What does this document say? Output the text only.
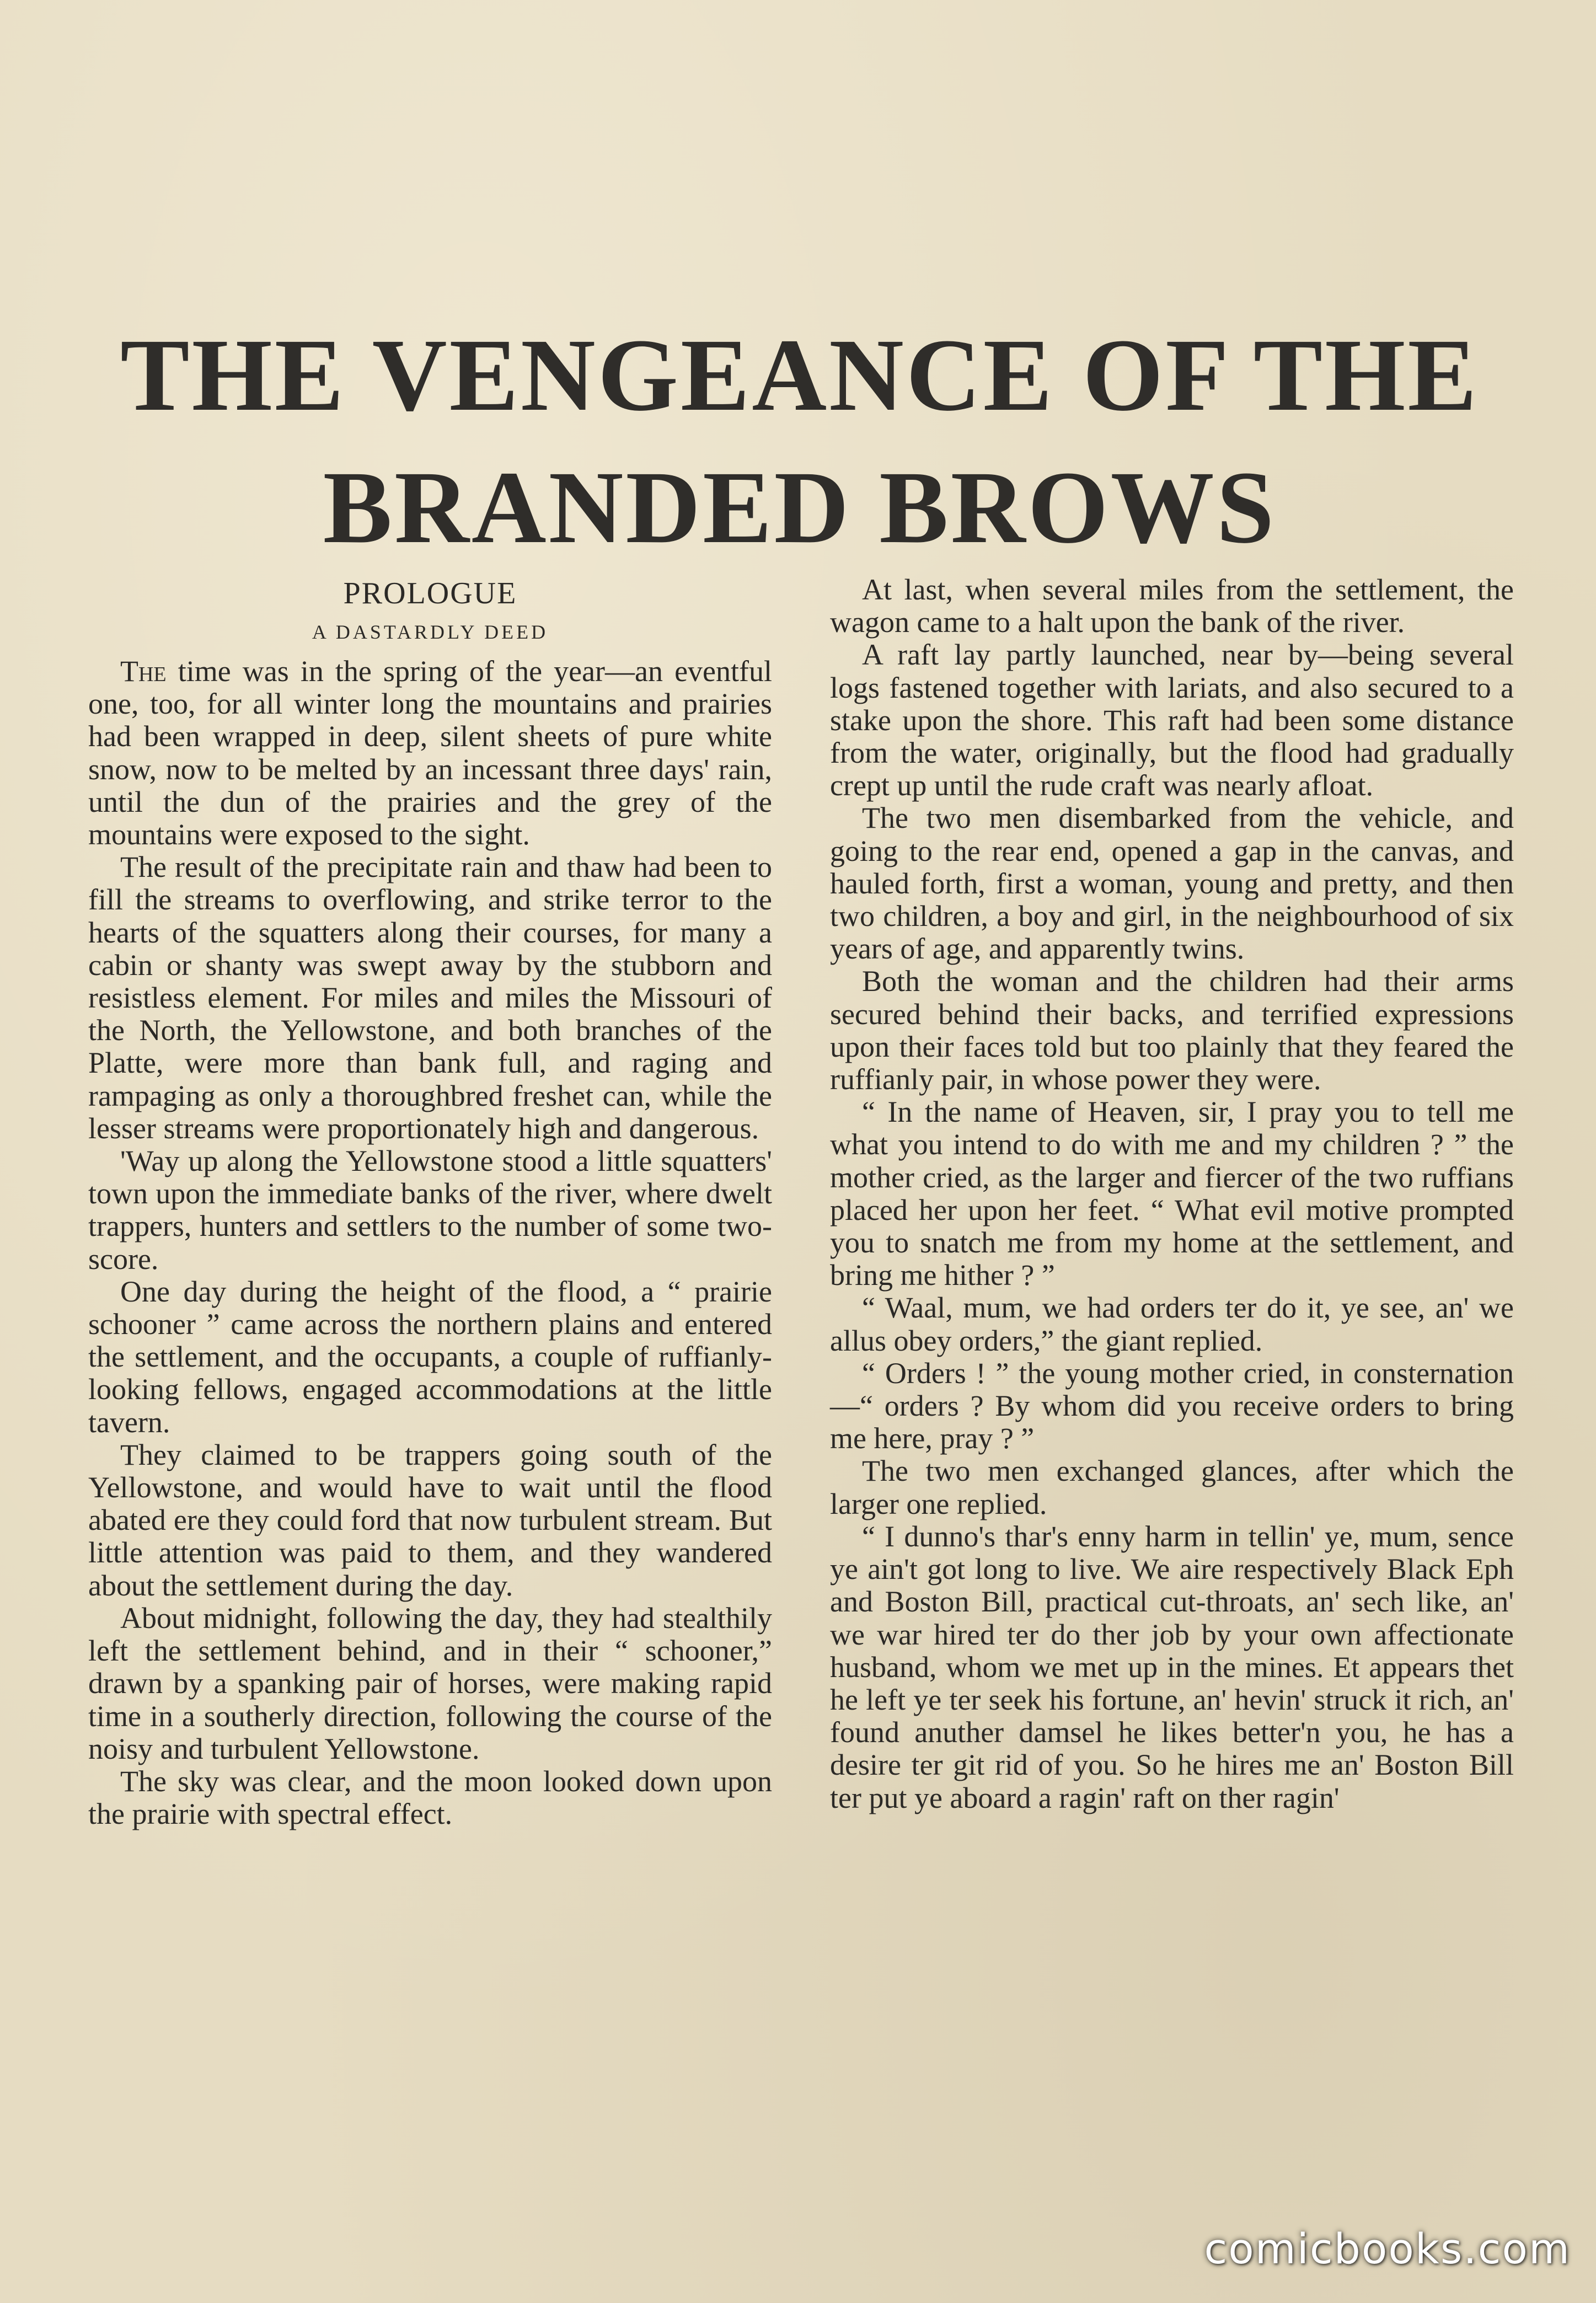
THE VENGEANCE OF THE BRANDED BROWS
PROLOGUE
A DASTARDLY DEED

The time was in the spring of the year—an eventful one, too, for all winter long the mountains and prairies had been wrapped in deep, silent sheets of pure white snow, now to be melted by an incessant three days' rain, until the dun of the prairies and the grey of the mountains were exposed to the sight.

The result of the precipitate rain and thaw had been to fill the streams to overflowing, and strike terror to the hearts of the squatters along their courses, for many a cabin or shanty was swept away by the stubborn and resistless element. For miles and miles the Missouri of the North, the Yellowstone, and both branches of the Platte, were more than bank full, and raging and rampaging as only a thoroughbred freshet can, while the lesser streams were proportionately high and dangerous.

'Way up along the Yellowstone stood a little squatters' town upon the immediate banks of the river, where dwelt trappers, hunters and settlers to the number of some two-score.

One day during the height of the flood, a “ prairie schooner ” came across the northern plains and entered the settlement, and the occupants, a couple of ruffianly-looking fellows, engaged accommodations at the little tavern.

They claimed to be trappers going south of the Yellowstone, and would have to wait until the flood abated ere they could ford that now turbulent stream. But little attention was paid to them, and they wandered about the settlement during the day.

About midnight, following the day, they had stealthily left the settlement behind, and in their “ schooner,” drawn by a spanking pair of horses, were making rapid time in a southerly direction, following the course of the noisy and turbulent Yellowstone.

The sky was clear, and the moon looked down upon the prairie with spectral effect.

At last, when several miles from the settlement, the wagon came to a halt upon the bank of the river.

A raft lay partly launched, near by—being several logs fastened together with lariats, and also secured to a stake upon the shore. This raft had been some distance from the water, originally, but the flood had gradually crept up until the rude craft was nearly afloat.

The two men disembarked from the vehicle, and going to the rear end, opened a gap in the canvas, and hauled forth, first a woman, young and pretty, and then two children, a boy and girl, in the neighbourhood of six years of age, and apparently twins.

Both the woman and the children had their arms secured behind their backs, and terrified expressions upon their faces told but too plainly that they feared the ruffianly pair, in whose power they were.

“ In the name of Heaven, sir, I pray you to tell me what you intend to do with me and my children ? ” the mother cried, as the larger and fiercer of the two ruffians placed her upon her feet. “ What evil motive prompted you to snatch me from my home at the settlement, and bring me hither ? ”

“ Waal, mum, we had orders ter do it, ye see, an' we allus obey orders,” the giant replied.

“ Orders ! ” the young mother cried, in consternation—“ orders ? By whom did you receive orders to bring me here, pray ? ”

The two men exchanged glances, after which the larger one replied.

“ I dunno's thar's enny harm in tellin' ye, mum, sence ye ain't got long to live. We aire respectively Black Eph and Boston Bill, practical cut-throats, an' sech like, an' we war hired ter do ther job by your own affectionate husband, whom we met up in the mines. Et appears thet he left ye ter seek his fortune, an' hevin' struck it rich, an' found anuther damsel he likes better'n you, he has a desire ter git rid of you. So he hires me an' Boston Bill ter put ye aboard a ragin' raft on ther ragin'

comicbooks.com
